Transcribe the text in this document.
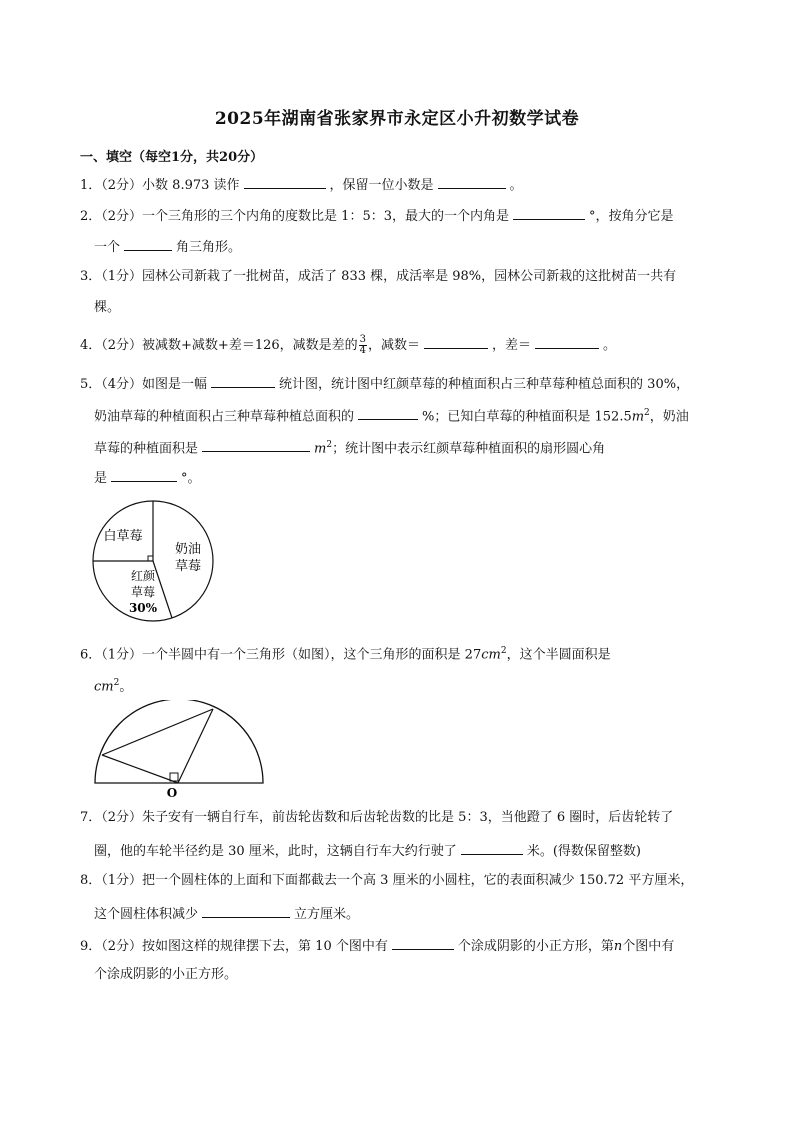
2025年湖南省张家界市永定区小升初数学试卷
一、填空（每空1分，共20分）
1．（2分）小数 8.973 读作	，保留一位小数是	。
2．（2分）一个三角形的三个内角的度数比是 1：5：3，最大的一个内角是	°，按角分它是
一个	角三角形。
3．（1分）园林公司新栽了一批树苗，成活了 833 棵，成活率是 98%，园林公司新栽的这批树苗一共有
棵。
4．（2分）被减数+减数+差＝126，减数是差的 $\frac{3}{4}$ ，减数＝	，差＝	。
5．（4分）如图是一幅	统计图，统计图中红颜草莓的种植面积占三种草莓种植总面积的 30%，
奶油草莓的种植面积占三种草莓种植总面积的	%；已知白草莓的种植面积是 $152.5m^2$，奶油
草莓的种植面积是	$m^2$；统计图中表示红颜草莓种植面积的扇形圆心角
是	°。
白草莓
奶油
草莓
红颜
草莓
30%
6．（1分）一个半圆中有一个三角形（如图），这个三角形的面积是 $27cm^2$，这个半圆面积是
$cm^2$。
O
7．（2分）朱子安有一辆自行车，前齿轮齿数和后齿轮齿数的比是 5：3，当他蹬了 6 圈时，后齿轮转了
圈，他的车轮半径约是 30 厘米，此时，这辆自行车大约行驶了	米。(得数保留整数)
8．（1分）把一个圆柱体的上面和下面都截去一个高 3 厘米的小圆柱，它的表面积减少 150.72 平方厘米，
这个圆柱体积减少	立方厘米。
9．（2分）按如图这样的规律摆下去，第 10 个图中有	个涂成阴影的小正方形，第n个图中有
个涂成阴影的小正方形。
